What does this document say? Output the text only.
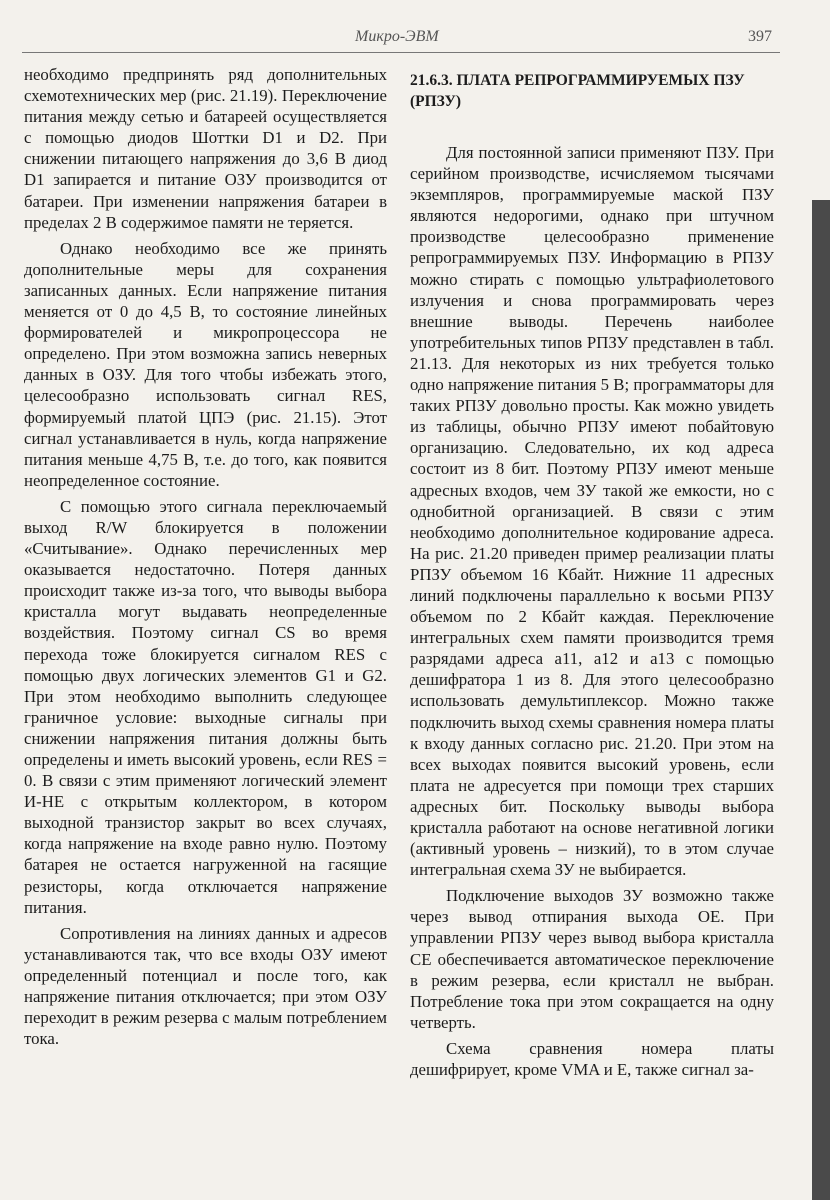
Микро-ЭВМ	397

необходимо предпринять ряд дополнительных схемотехнических мер (рис. 21.19). Переключение питания между сетью и батареей осуществляется с помощью диодов Шоттки D1 и D2. При снижении питающего напряжения до 3,6 В диод D1 запирается и питание ОЗУ производится от батареи. При изменении напряжения батареи в пределах 2 В содержимое памяти не теряется.

Однако необходимо все же принять дополнительные меры для сохранения записанных данных. Если напряжение питания меняется от 0 до 4,5 В, то состояние линейных формирователей и микропроцессора не определено. При этом возможна запись неверных данных в ОЗУ. Для того чтобы избежать этого, целесообразно использовать сигнал RES, формируемый платой ЦПЭ (рис. 21.15). Этот сигнал устанавливается в нуль, когда напряжение питания меньше 4,75 В, т.е. до того, как появится неопределенное состояние.

С помощью этого сигнала переключаемый выход R/W блокируется в положении «Считывание». Однако перечисленных мер оказывается недостаточно. Потеря данных происходит также из-за того, что выводы выбора кристалла могут выдавать неопределенные воздействия. Поэтому сигнал CS во время перехода тоже блокируется сигналом RES с помощью двух логических элементов G1 и G2. При этом необходимо выполнить следующее граничное условие: выходные сигналы при снижении напряжения питания должны быть определены и иметь высокий уровень, если RES = 0. В связи с этим применяют логический элемент И-НЕ с открытым коллектором, в котором выходной транзистор закрыт во всех случаях, когда напряжение на входе равно нулю. Поэтому батарея не остается нагруженной на гасящие резисторы, когда отключается напряжение питания.

Сопротивления на линиях данных и адресов устанавливаются так, что все входы ОЗУ имеют определенный потенциал и после того, как напряжение питания отключается; при этом ОЗУ переходит в режим резерва с малым потреблением тока.

21.6.3. ПЛАТА РЕПРОГРАММИРУЕМЫХ ПЗУ (РПЗУ)

Для постоянной записи применяют ПЗУ. При серийном производстве, исчисляемом тысячами экземпляров, программируемые маской ПЗУ являются недорогими, однако при штучном производстве целесообразно применение репрограммируемых ПЗУ. Информацию в РПЗУ можно стирать с помощью ультрафиолетового излучения и снова программировать через внешние выводы. Перечень наиболее употребительных типов РПЗУ представлен в табл. 21.13. Для некоторых из них требуется только одно напряжение питания 5 В; программаторы для таких РПЗУ довольно просты. Как можно увидеть из таблицы, обычно РПЗУ имеют побайтовую организацию. Следовательно, их код адреса состоит из 8 бит. Поэтому РПЗУ имеют меньше адресных входов, чем ЗУ такой же емкости, но с однобитной организацией. В связи с этим необходимо дополнительное кодирование адреса. На рис. 21.20 приведен пример реализации платы РПЗУ объемом 16 Кбайт. Нижние 11 адресных линий подключены параллельно к восьми РПЗУ объемом по 2 Кбайт каждая. Переключение интегральных схем памяти производится тремя разрядами адреса a11, a12 и a13 с помощью дешифратора 1 из 8. Для этого целесообразно использовать демультиплексор. Можно также подключить выход схемы сравнения номера платы к входу данных согласно рис. 21.20. При этом на всех выходах появится высокий уровень, если плата не адресуется при помощи трех старших адресных бит. Поскольку выводы выбора кристалла работают на основе негативной логики (активный уровень – низкий), то в этом случае интегральная схема ЗУ не выбирается.

Подключение выходов ЗУ возможно также через вывод отпирания выхода OE. При управлении РПЗУ через вывод выбора кристалла CE обеспечивается автоматическое переключение в режим резерва, если кристалл не выбран. Потребление тока при этом сокращается на одну четверть.

Схема сравнения номера платы дешифрирует, кроме VMA и E, также сигнал за-
